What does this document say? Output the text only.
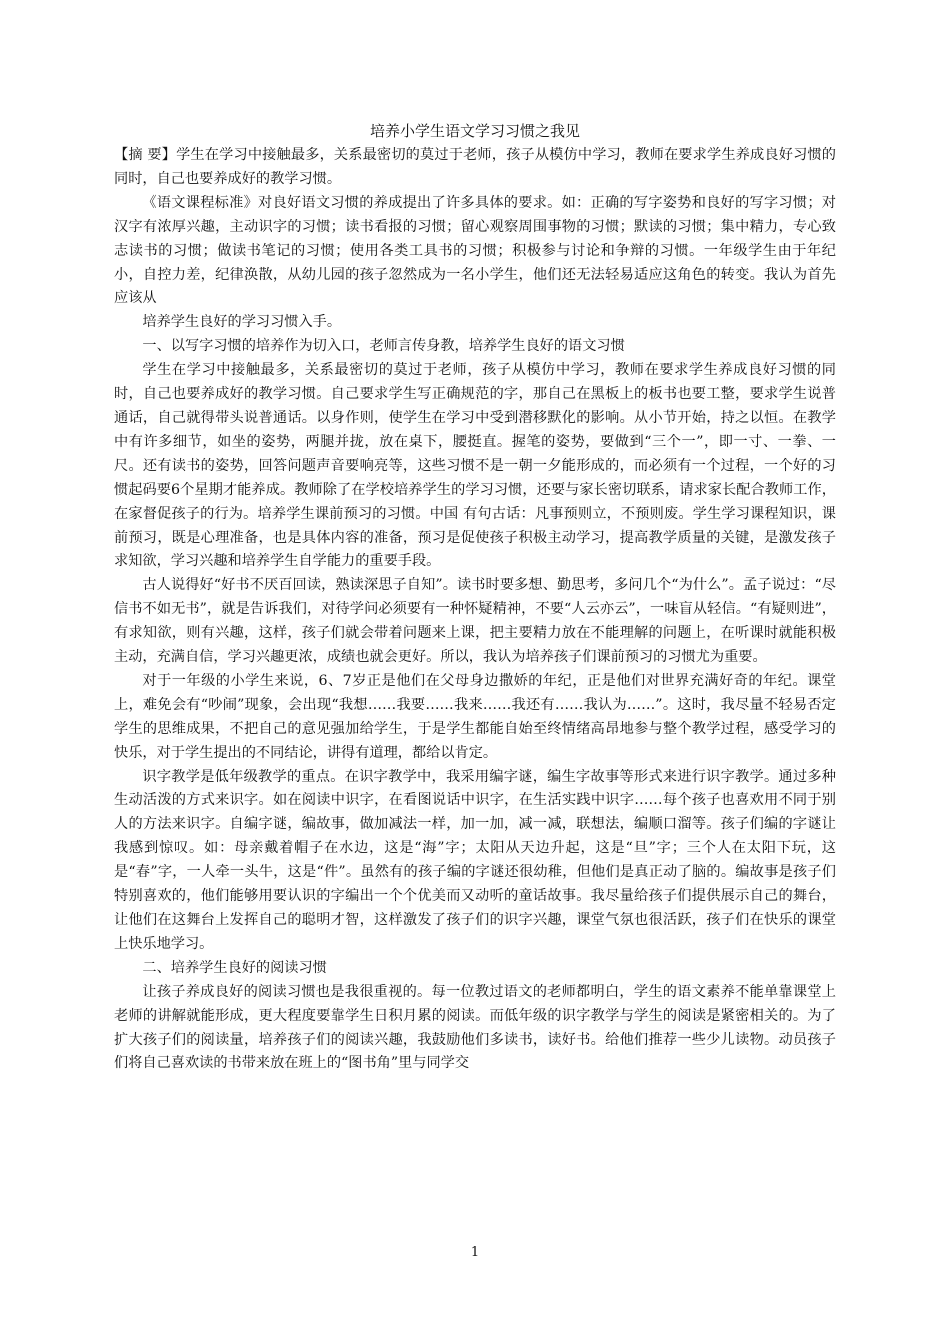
培养小学生语文学习习惯之我见

【摘 要】学生在学习中接触最多，关系最密切的莫过于老师，孩子从模仿中学习，教师在要求学生养成良好习惯的同时，自己也要养成好的教学习惯。

《语文课程标准》对良好语文习惯的养成提出了许多具体的要求。如：正确的写字姿势和良好的写字习惯；对汉字有浓厚兴趣，主动识字的习惯；读书看报的习惯；留心观察周围事物的习惯；默读的习惯；集中精力，专心致志读书的习惯；做读书笔记的习惯；使用各类工具书的习惯；积极参与讨论和争辩的习惯。一年级学生由于年纪小，自控力差，纪律涣散，从幼儿园的孩子忽然成为一名小学生，他们还无法轻易适应这角色的转变。我认为首先应该从

培养学生良好的学习习惯入手。

一、以写字习惯的培养作为切入口，老师言传身教，培养学生良好的语文习惯

学生在学习中接触最多，关系最密切的莫过于老师，孩子从模仿中学习，教师在要求学生养成良好习惯的同时，自己也要养成好的教学习惯。自己要求学生写正确规范的字，那自己在黑板上的板书也要工整，要求学生说普通话，自己就得带头说普通话。以身作则，使学生在学习中受到潜移默化的影响。从小节开始，持之以恒。在教学中有许多细节，如坐的姿势，两腿并拢，放在桌下，腰挺直。握笔的姿势，要做到“三个一”，即一寸、一拳、一尺。还有读书的姿势，回答问题声音要响亮等，这些习惯不是一朝一夕能形成的，而必须有一个过程，一个好的习惯起码要6个星期才能养成。教师除了在学校培养学生的学习习惯，还要与家长密切联系，请求家长配合教师工作，在家督促孩子的行为。培养学生课前预习的习惯。中国 有句古话：凡事预则立，不预则废。学生学习课程知识，课前预习，既是心理准备，也是具体内容的准备，预习是促使孩子积极主动学习，提高教学质量的关键，是激发孩子求知欲，学习兴趣和培养学生自学能力的重要手段。

古人说得好“好书不厌百回读，熟读深思子自知”。读书时要多想、勤思考，多问几个“为什么”。孟子说过：“尽信书不如无书”，就是告诉我们，对待学问必须要有一种怀疑精神，不要“人云亦云”，一味盲从轻信。“有疑则进”，有求知欲，则有兴趣，这样，孩子们就会带着问题来上课，把主要精力放在不能理解的问题上，在听课时就能积极主动，充满自信，学习兴趣更浓，成绩也就会更好。所以，我认为培养孩子们课前预习的习惯尤为重要。

对于一年级的小学生来说，6、7岁正是他们在父母身边撒娇的年纪，正是他们对世界充满好奇的年纪。课堂上，难免会有“吵闹”现象，会出现“我想……我要……我来……我还有……我认为……”。这时，我尽量不轻易否定学生的思维成果，不把自己的意见强加给学生，于是学生都能自始至终情绪高昂地参与整个教学过程，感受学习的快乐，对于学生提出的不同结论，讲得有道理，都给以肯定。

识字教学是低年级教学的重点。在识字教学中，我采用编字谜，编生字故事等形式来进行识字教学。通过多种生动活泼的方式来识字。如在阅读中识字，在看图说话中识字，在生活实践中识字……每个孩子也喜欢用不同于别人的方法来识字。自编字谜，编故事，做加减法一样，加一加，减一减，联想法，编顺口溜等。孩子们编的字谜让我感到惊叹。如：母亲戴着帽子在水边，这是“海”字；太阳从天边升起，这是“旦”字；三个人在太阳下玩，这是“春”字，一人牵一头牛，这是“件”。虽然有的孩子编的字谜还很幼稚，但他们是真正动了脑的。编故事是孩子们特别喜欢的，他们能够用要认识的字编出一个个优美而又动听的童话故事。我尽量给孩子们提供展示自己的舞台，让他们在这舞台上发挥自己的聪明才智，这样激发了孩子们的识字兴趣，课堂气氛也很活跃，孩子们在快乐的课堂上快乐地学习。

二、培养学生良好的阅读习惯

让孩子养成良好的阅读习惯也是我很重视的。每一位教过语文的老师都明白，学生的语文素养不能单靠课堂上老师的讲解就能形成，更大程度要靠学生日积月累的阅读。而低年级的识字教学与学生的阅读是紧密相关的。为了扩大孩子们的阅读量，培养孩子们的阅读兴趣，我鼓励他们多读书，读好书。给他们推荐一些少儿读物。动员孩子们将自己喜欢读的书带来放在班上的“图书角”里与同学交

1
